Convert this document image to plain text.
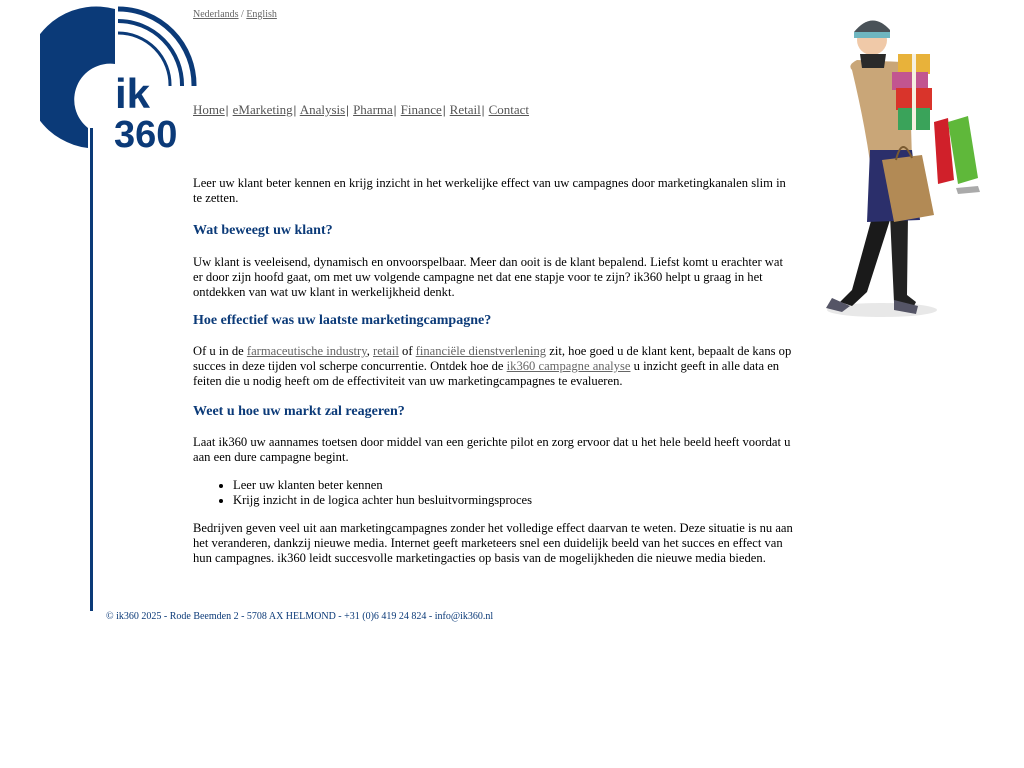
ik
360
Nederlands / English
Home| eMarketing| Analysis| Pharma| Finance| Retail| Contact

Leer uw klant beter kennen en krijg inzicht in het werkelijke effect van uw campagnes door marketingkanalen slim in te zetten.

Wat beweegt uw klant?

Uw klant is veeleisend, dynamisch en onvoorspelbaar. Meer dan ooit is de klant bepalend. Liefst komt u erachter wat er door zijn hoofd gaat, om met uw volgende campagne net dat ene stapje voor te zijn? ik360 helpt u graag in het ontdekken van wat uw klant in werkelijkheid denkt.

Hoe effectief was uw laatste marketingcampagne?

Of u in de farmaceutische industry, retail of financiële dienstverlening zit, hoe goed u de klant kent, bepaalt de kans op succes in deze tijden vol scherpe concurrentie. Ontdek hoe de ik360 campagne analyse u inzicht geeft in alle data en feiten die u nodig heeft om de effectiviteit van uw marketingcampagnes te evalueren.

Weet u hoe uw markt zal reageren?

Laat ik360 uw aannames toetsen door middel van een gerichte pilot en zorg ervoor dat u het hele beeld heeft voordat u aan een dure campagne begint.

• Leer uw klanten beter kennen
• Krijg inzicht in de logica achter hun besluitvormingsproces

Bedrijven geven veel uit aan marketingcampagnes zonder het volledige effect daarvan te weten. Deze situatie is nu aan het veranderen, dankzij nieuwe media. Internet geeft marketeers snel een duidelijk beeld van het succes en effect van hun campagnes. ik360 leidt succesvolle marketingacties op basis van de mogelijkheden die nieuwe media bieden.

© ik360 2025 - Rode Beemden 2 - 5708 AX HELMOND - +31 (0)6 419 24 824 - info@ik360.nl
